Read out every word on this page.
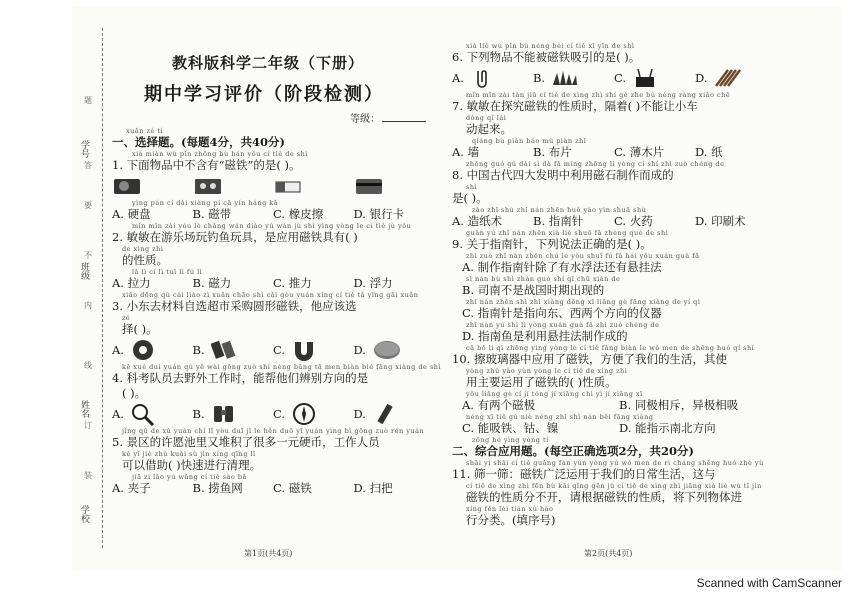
学号
班级
姓名
学校
题
答
要
不
内
线
订
装
教科版科学二年级（下册）
期中学习评价（阶段检测）
等级：
xuǎn zé tí
一、选择题。(每题4分，共40分)
xià miàn wù pǐn zhōng bù hán yǒu cí tiě de shì
1. 下面物品中不含有“磁铁”的是( )。
yìng pán cí dài xiàng pí cā yín háng kǎ
A. 硬盘	B. 磁带	C. 橡皮擦	D. 银行卡
mǐn mǐn zài yóu lè chǎng wán diào yú wán jù shì yìng yòng le cí tiě jù yǒu
2. 敏敏在游乐场玩钓鱼玩具，是应用磁铁具有( )
de xìng zhì
的性质。
lā lì cí lì tuī lì fú lì
A. 拉力	B. 磁力	C. 推力	D. 浮力
xiǎo dōng qù cái liào zì xuǎn chāo shì cǎi gòu yuán xíng cí tiě tā yīng gāi xuǎn
3. 小东去材料自选超市采购圆形磁铁，他应该选
zé
择( )。
A.	B.	C.	D.
kē xué duì yuán qù yě wài gōng zuò shí néng bāng tā men biàn bié fāng xiàng de shì
4. 科考队员去野外工作时，能帮他们辨别方向的是
( )。
A.	B.	C.	D.
jǐng qū de xǔ yuàn chí lǐ yòu duī jī le hěn duō yī yuán yìng bì gōng zuò rén yuán
5. 景区的许愿池里又堆积了很多一元硬币，工作人员
kě yǐ jiè zhù kuài sù jìn xíng qīng lǐ
可以借助( )快速进行清理。
jiā zi lāo yú wǎng cí tiě sào bǎ
A. 夹子	B. 捞鱼网	C. 磁铁	D. 扫把
第1页(共4页)
xià liè wù pǐn bù néng bèi cí tiě xī yǐn de shì
6. 下列物品不能被磁铁吸引的是( )。
A.	B.	C.	D.
mǐn mǐn zài tàn jiū cí tiě de xìng zhì shí gé zhe bù néng ràng xiǎo chē
7. 敏敏在探究磁铁的性质时，隔着( )不能让小车
dòng qǐ lái
动起来。
qiáng bù piàn báo mù piàn zhǐ
A. 墙	B. 布片	C. 薄木片	D. 纸
zhōng guó gǔ dài sì dà fā míng zhōng lì yòng cí shí zhì zuò chéng de
8. 中国古代四大发明中利用磁石制作而成的
shì
是( )。
zào zhǐ shù zhǐ nán zhēn huǒ yào yìn shuā shù
A. 造纸术	B. 指南针	C. 火药	D. 印刷术
guān yú zhǐ nán zhēn xià liè shuō fǎ zhèng què de shì
9. 关于指南针，下列说法正确的是( )。
zhì zuò zhǐ nán zhēn chú le yǒu shuǐ fú fǎ hái yǒu xuán guà fǎ
A. 制作指南针除了有水浮法还有悬挂法
sī nán bù shì zhàn guó shí qī chū xiàn de
B. 司南不是战国时期出现的
zhǐ nán zhēn shì zhǐ xiàng dōng xī liǎng gè fāng xiàng de yí qì
C. 指南针是指向东、西两个方向的仪器
zhǐ nán yú shì lì yòng xuán guà fǎ zhì zuò chéng de
D. 指南鱼是利用悬挂法制作成的
cā bō li qì zhōng yìng yòng le cí tiě fāng biàn le wǒ men de shēng huó qí shí
10. 擦玻璃器中应用了磁铁，方便了我们的生活，其使
yòng zhǔ yào yùn yòng le cí tiě de xìng zhì
用主要运用了磁铁的( )性质。
yǒu liǎng gè cí jí tóng jí xiāng chì yì jí xiāng xī
A. 有两个磁极	B. 同极相斥，异极相吸
néng xī tiě gǔ niè néng zhǐ shì nán běi fāng xiàng
C. 能吸铁、钴、镍	D. 能指示南北方向
zōng hé yìng yòng tí
二、综合应用题。(每空正确选项2分，共20分)
shāi yi shāi cí tiě guǎng fàn yùn yòng yú wǒ men de rì cháng shēng huó zhè yù
11. 筛一筛：磁铁广泛运用于我们的日常生活，这与
cí tiě de xìng zhì fēn bù kāi qǐng gēn jù cí tiě de xìng zhì jiāng xià liè wù tǐ jìn
磁铁的性质分不开，请根据磁铁的性质，将下列物体进
xíng fēn lèi tián xù hào
行分类。(填序号)
第2页(共4页)
Scanned with CamScanner
